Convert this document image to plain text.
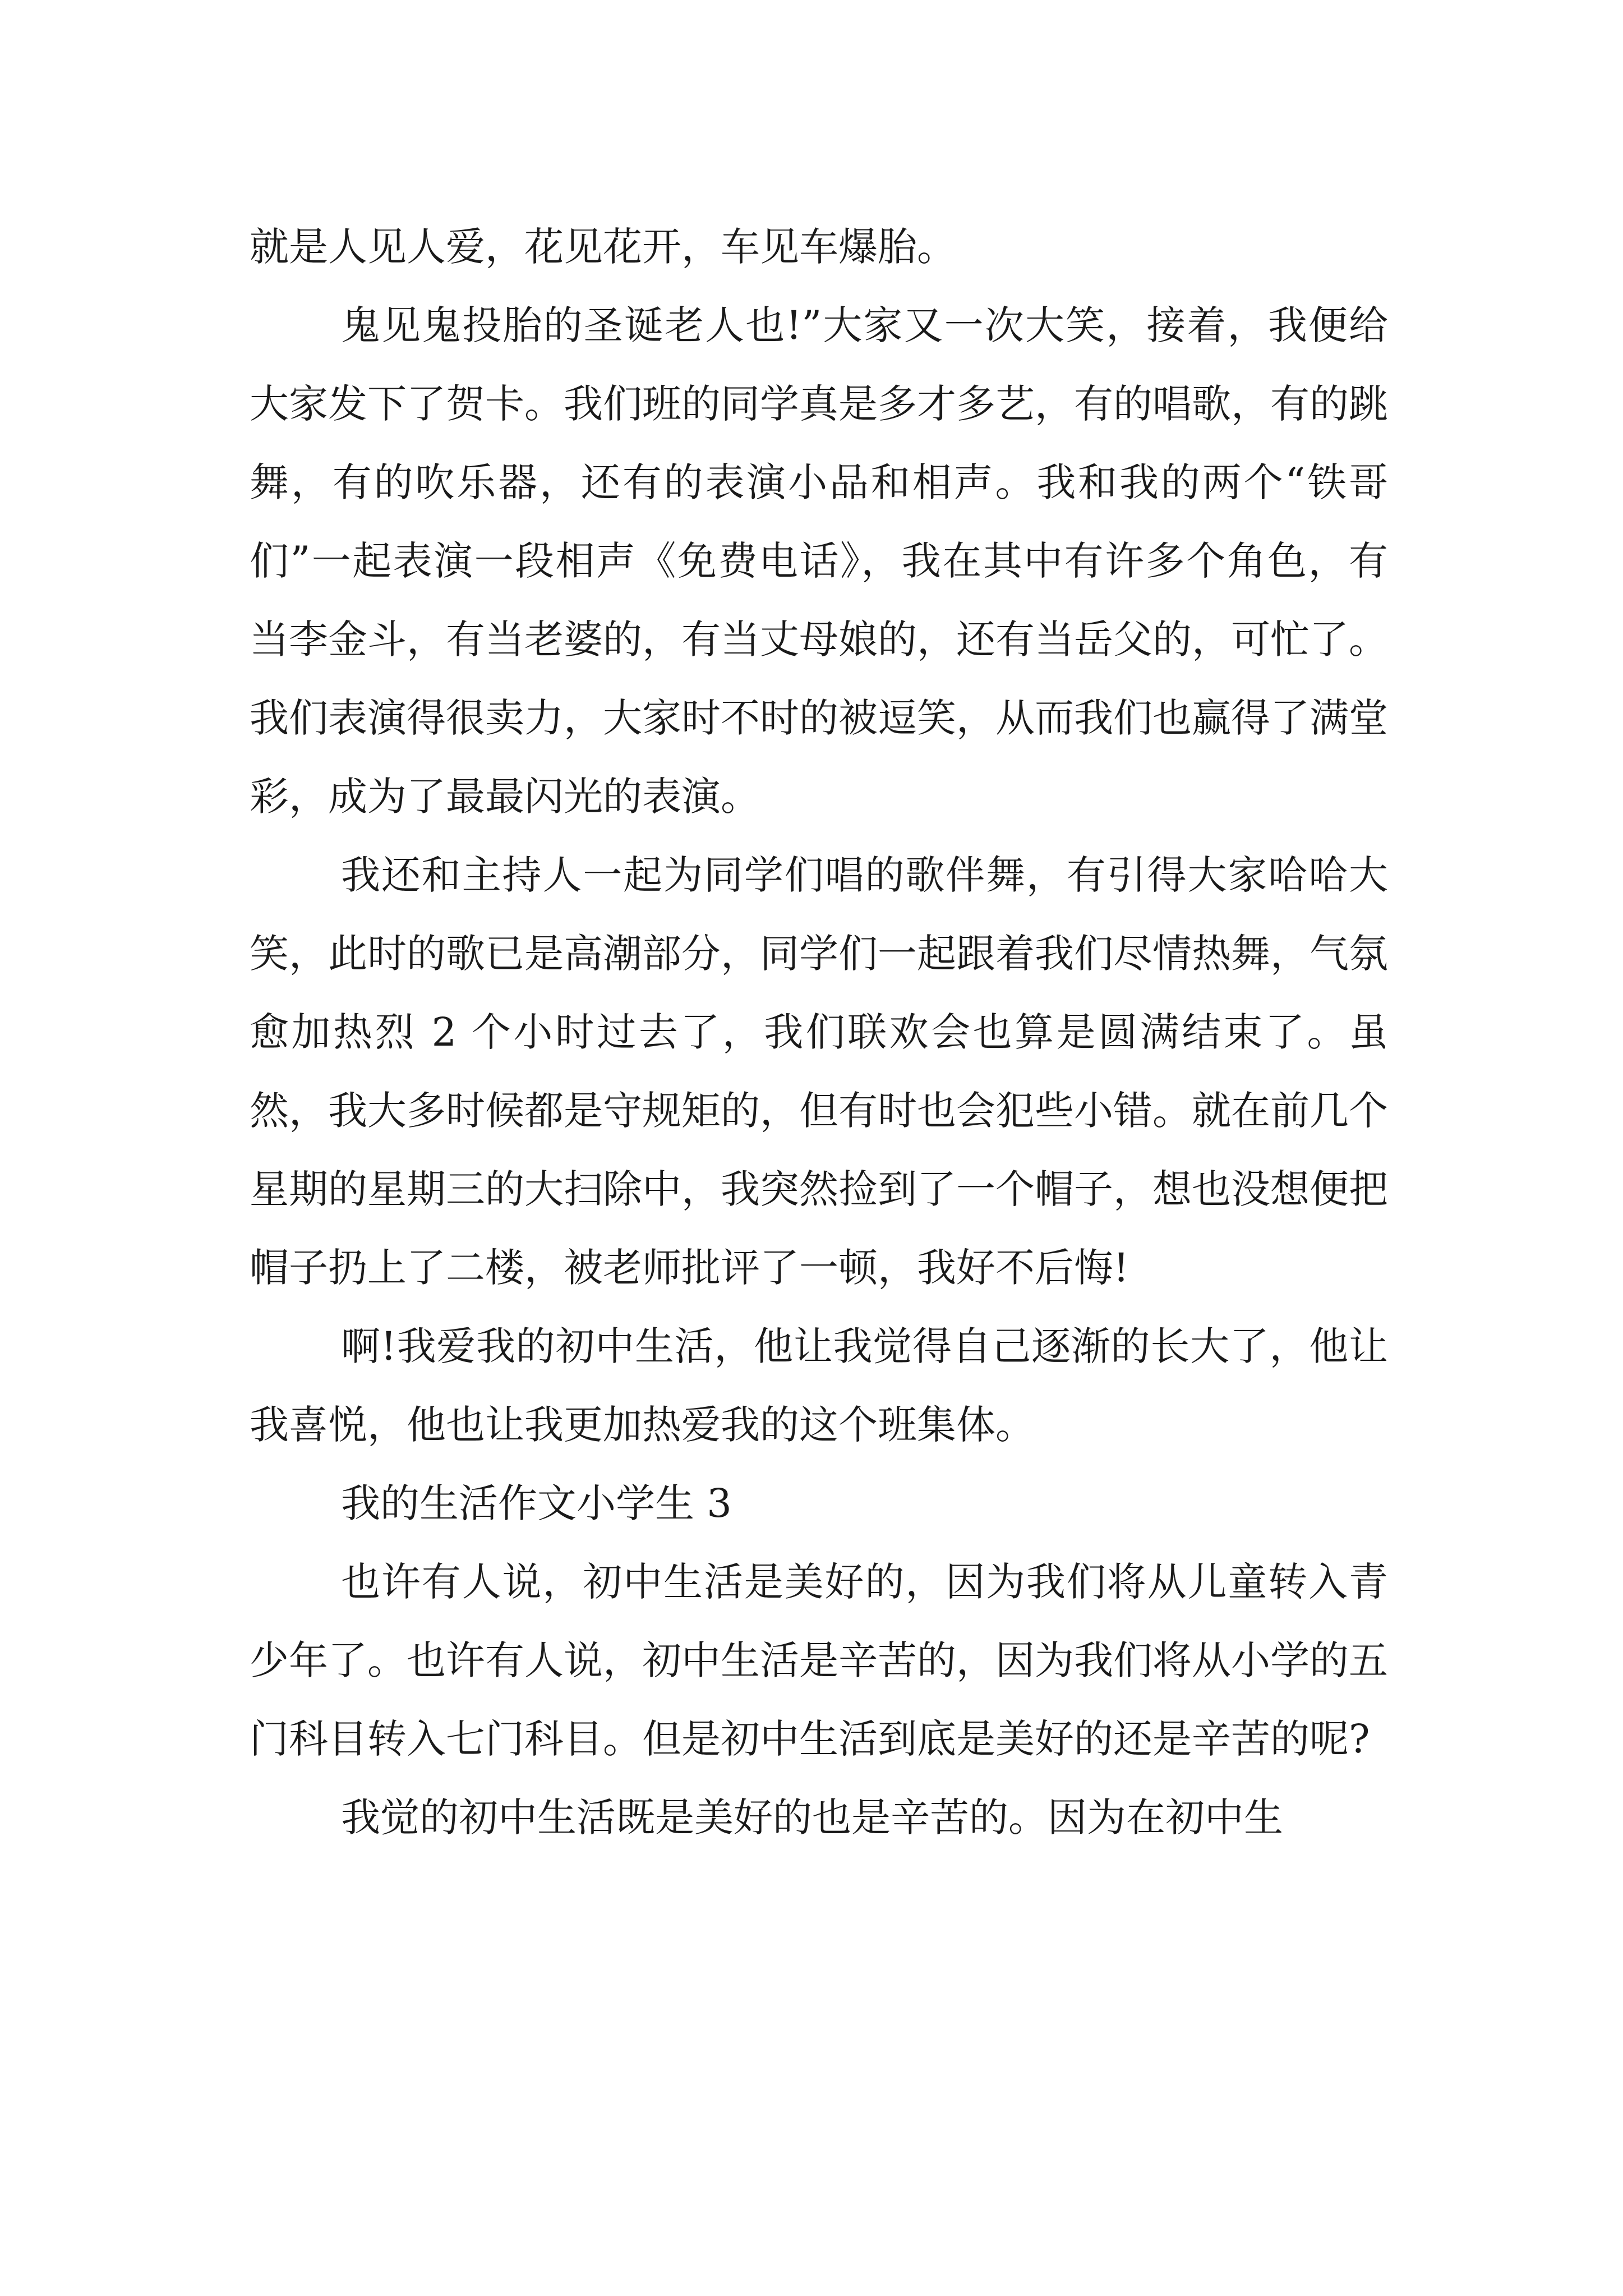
就是人见人爱，花见花开，车见车爆胎。

鬼见鬼投胎的圣诞老人也!”大家又一次大笑，接着，我便给大家发下了贺卡。我们班的同学真是多才多艺，有的唱歌，有的跳舞，有的吹乐器，还有的表演小品和相声。我和我的两个“铁哥们”一起表演一段相声《免费电话》，我在其中有许多个角色，有当李金斗，有当老婆的，有当丈母娘的，还有当岳父的，可忙了。我们表演得很卖力，大家时不时的被逗笑，从而我们也赢得了满堂彩，成为了最最闪光的表演。

我还和主持人一起为同学们唱的歌伴舞，有引得大家哈哈大笑，此时的歌已是高潮部分，同学们一起跟着我们尽情热舞，气氛愈加热烈 2 个小时过去了，我们联欢会也算是圆满结束了。虽然，我大多时候都是守规矩的，但有时也会犯些小错。就在前几个星期的星期三的大扫除中，我突然捡到了一个帽子，想也没想便把帽子扔上了二楼，被老师批评了一顿，我好不后悔!

啊!我爱我的初中生活，他让我觉得自己逐渐的长大了，他让我喜悦，他也让我更加热爱我的这个班集体。

我的生活作文小学生 3

也许有人说，初中生活是美好的，因为我们将从儿童转入青少年了。也许有人说，初中生活是辛苦的，因为我们将从小学的五门科目转入七门科目。但是初中生活到底是美好的还是辛苦的呢?

我觉的初中生活既是美好的也是辛苦的。因为在初中生
